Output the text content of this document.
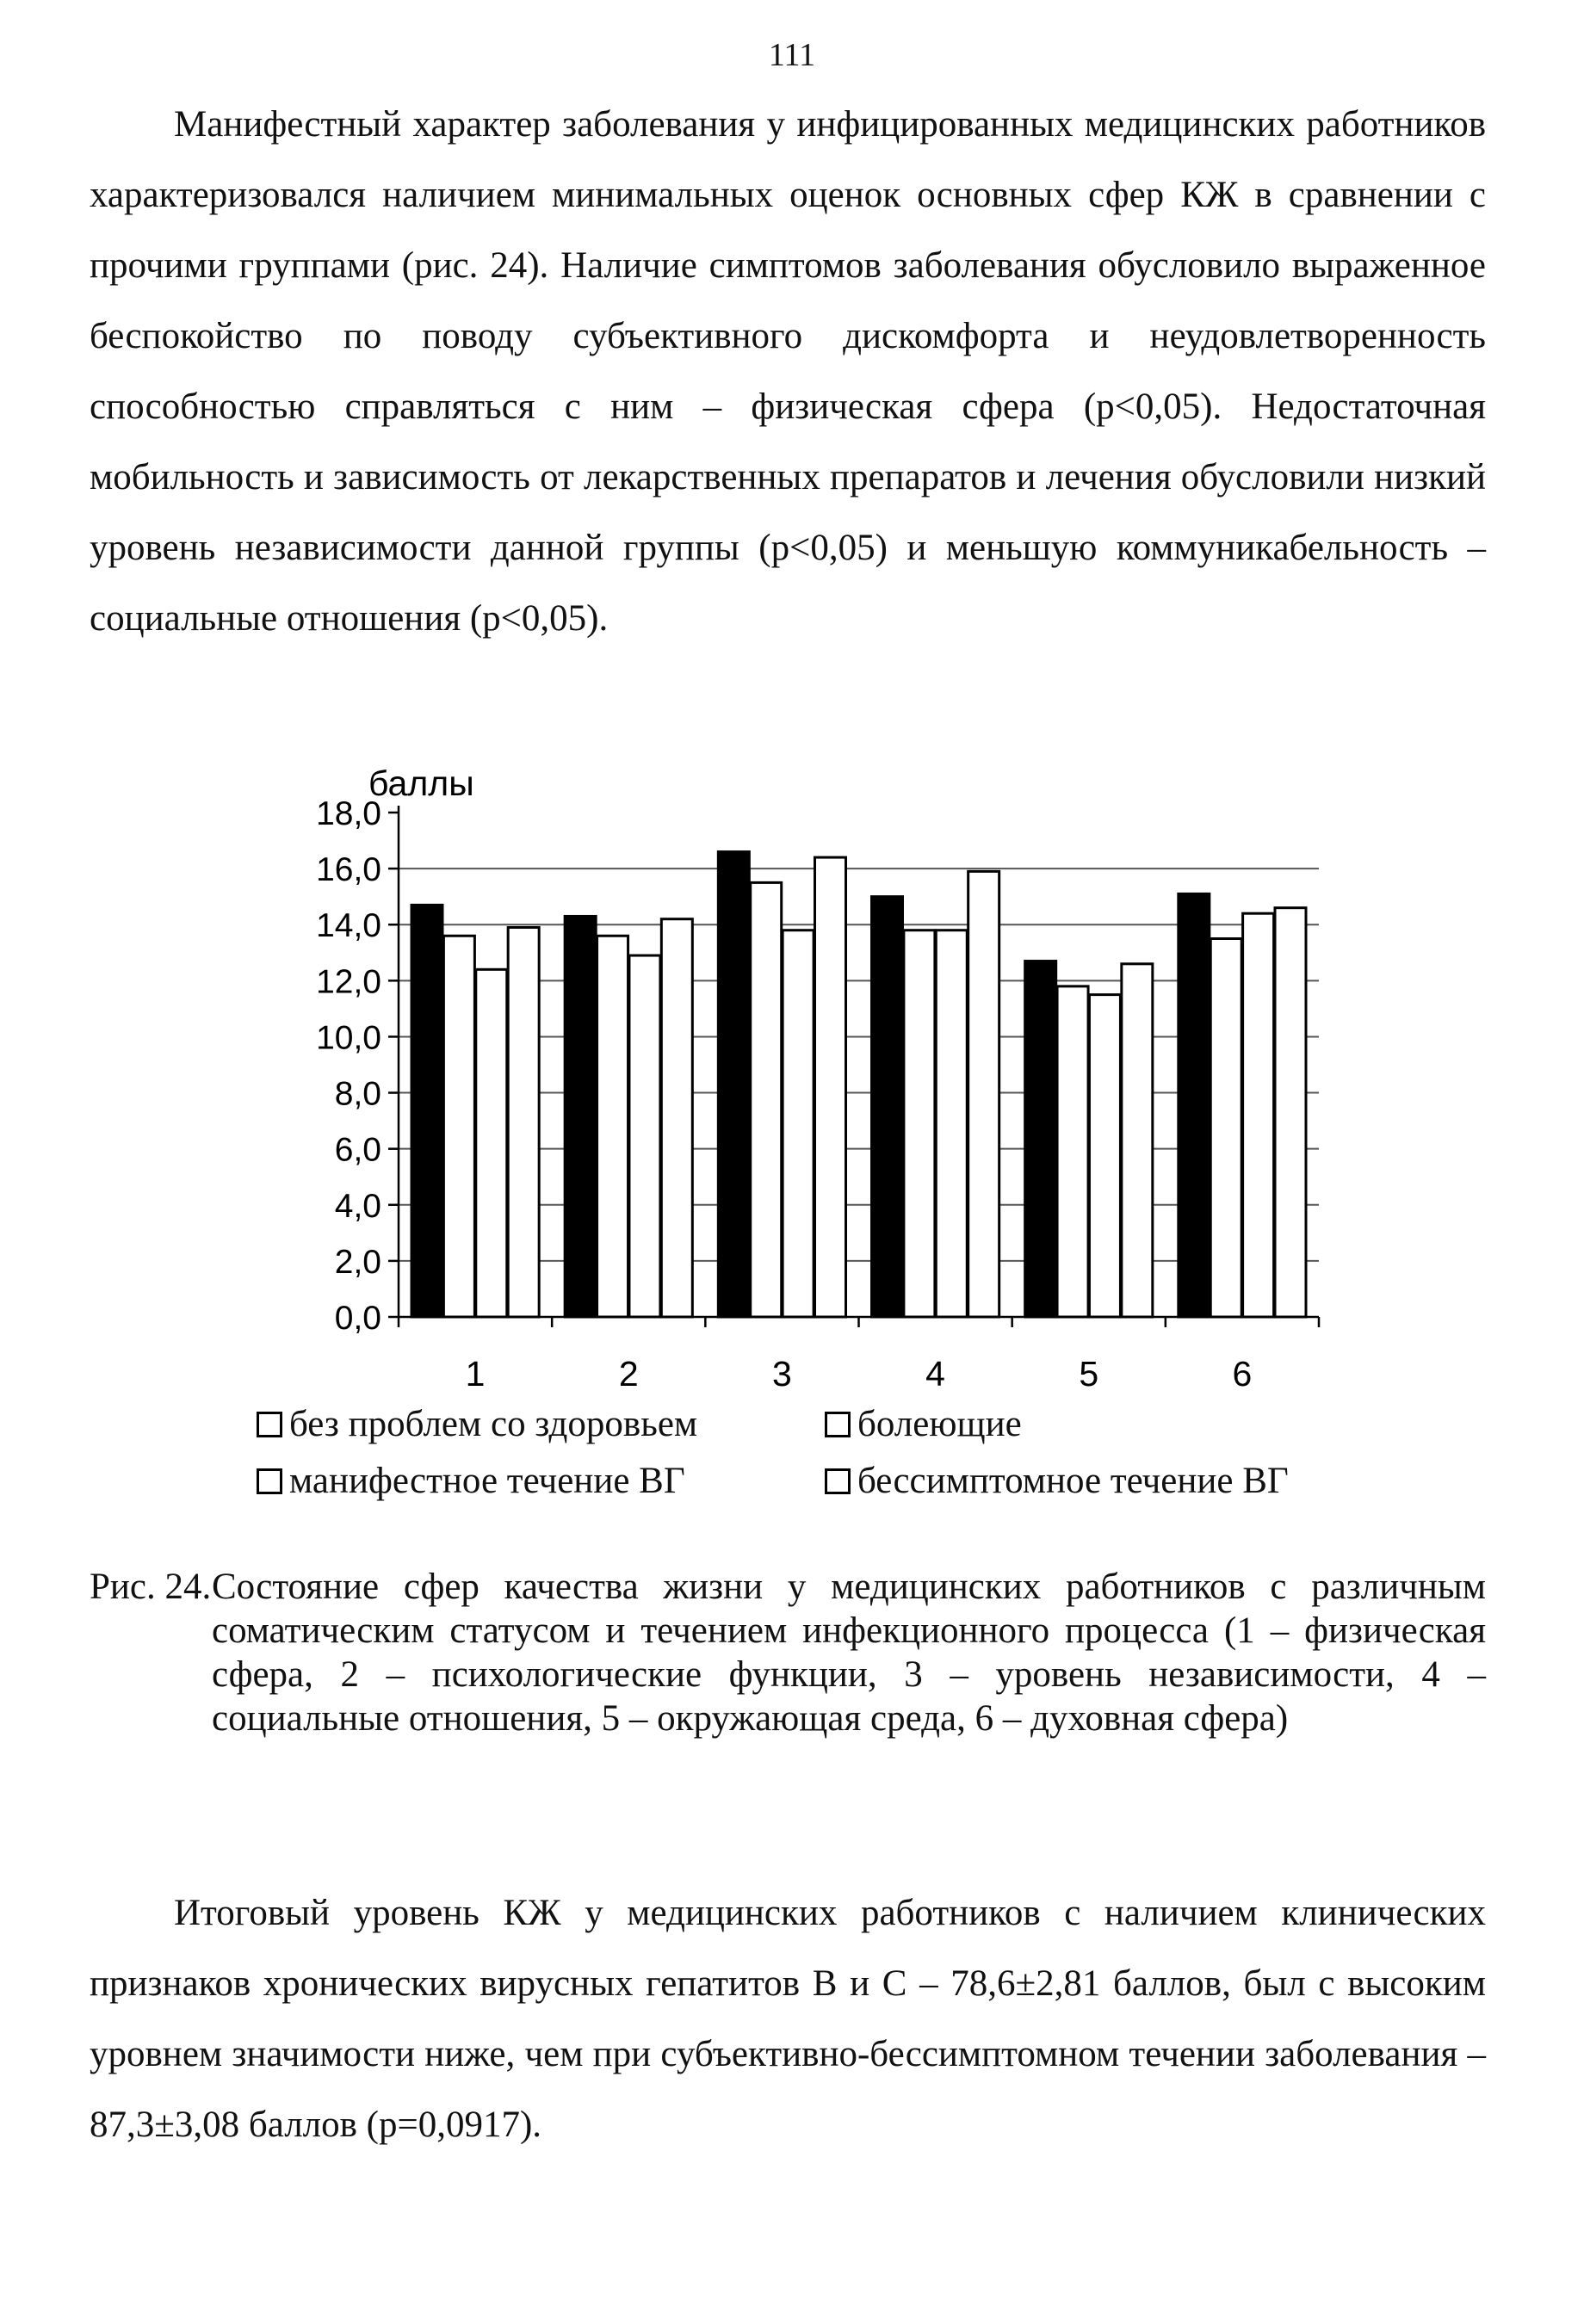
111

Манифестный характер заболевания у инфицированных медицинских работников характеризовался наличием минимальных оценок основных сфер КЖ в сравнении с прочими группами (рис. 24). Наличие симптомов заболевания обусловило выраженное беспокойство по поводу субъективного дискомфорта и неудовлетворенность способностью справляться с ним – физическая сфера (р<0,05). Недостаточная мобильность и зависимость от лекарственных препаратов и лечения обусловили низкий уровень независимости данной группы (р<0,05) и меньшую коммуникабельность – социальные отношения (р<0,05).

0,0
2,0
4,0
6,0
8,0
10,0
12,0
14,0
16,0
18,0
баллы
1	2	3	4	5	6
без проблем со здоровьем	болеющие
манифестное течение ВГ	бессимптомное течение ВГ
Рис. 24. Состояние сфер качества жизни у медицинских работников с различным соматическим статусом и течением инфекционного процесса (1 – физическая сфера, 2 – психологические функции, 3 – уровень независимости, 4 – социальные отношения, 5 – окружающая среда, 6 – духовная сфера)

Итоговый уровень КЖ у медицинских работников с наличием клинических признаков хронических вирусных гепатитов В и С – 78,6±2,81 баллов, был с высоким уровнем значимости ниже, чем при субъективно-бессимптомном течении заболевания – 87,3±3,08 баллов (р=0,0917).
